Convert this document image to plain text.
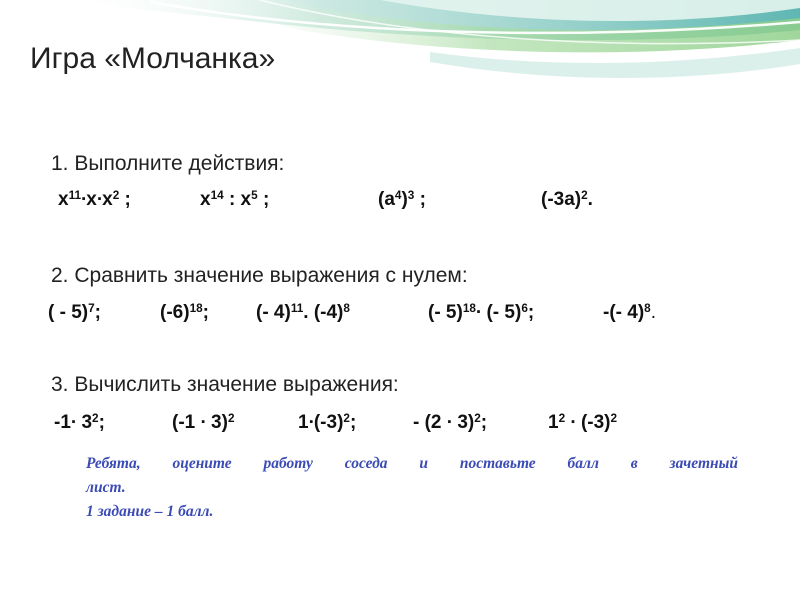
Игра «Молчанка»
1. Выполните действия:
$х^{11}\cdot х\cdot х^2$ ;	$х^{14}$ : $х^5$ ;	$(а^4)^3$ ;	$(-3а)^2$.
2. Сравнить значение выражения с нулем:
( - 5)$^7$;	$(-6)^{18}$; (- 4)$^{11}$. $(-4)^8$	(- 5)$^{18}$∙ (- 5)$^6$;	-(- 4)$^8$.
3. Вычислить значение выражения:
$-1\cdot 3^2$;	$(-1 \cdot 3)^2$	$1\cdot(-3)^2$;	- $(2 \cdot 3)^2$;	$1^2 \cdot (-3)^2$
Ребята, оцените работу соседа и поставьте балл в зачетный
лист.
1 задание – 1 балл.
